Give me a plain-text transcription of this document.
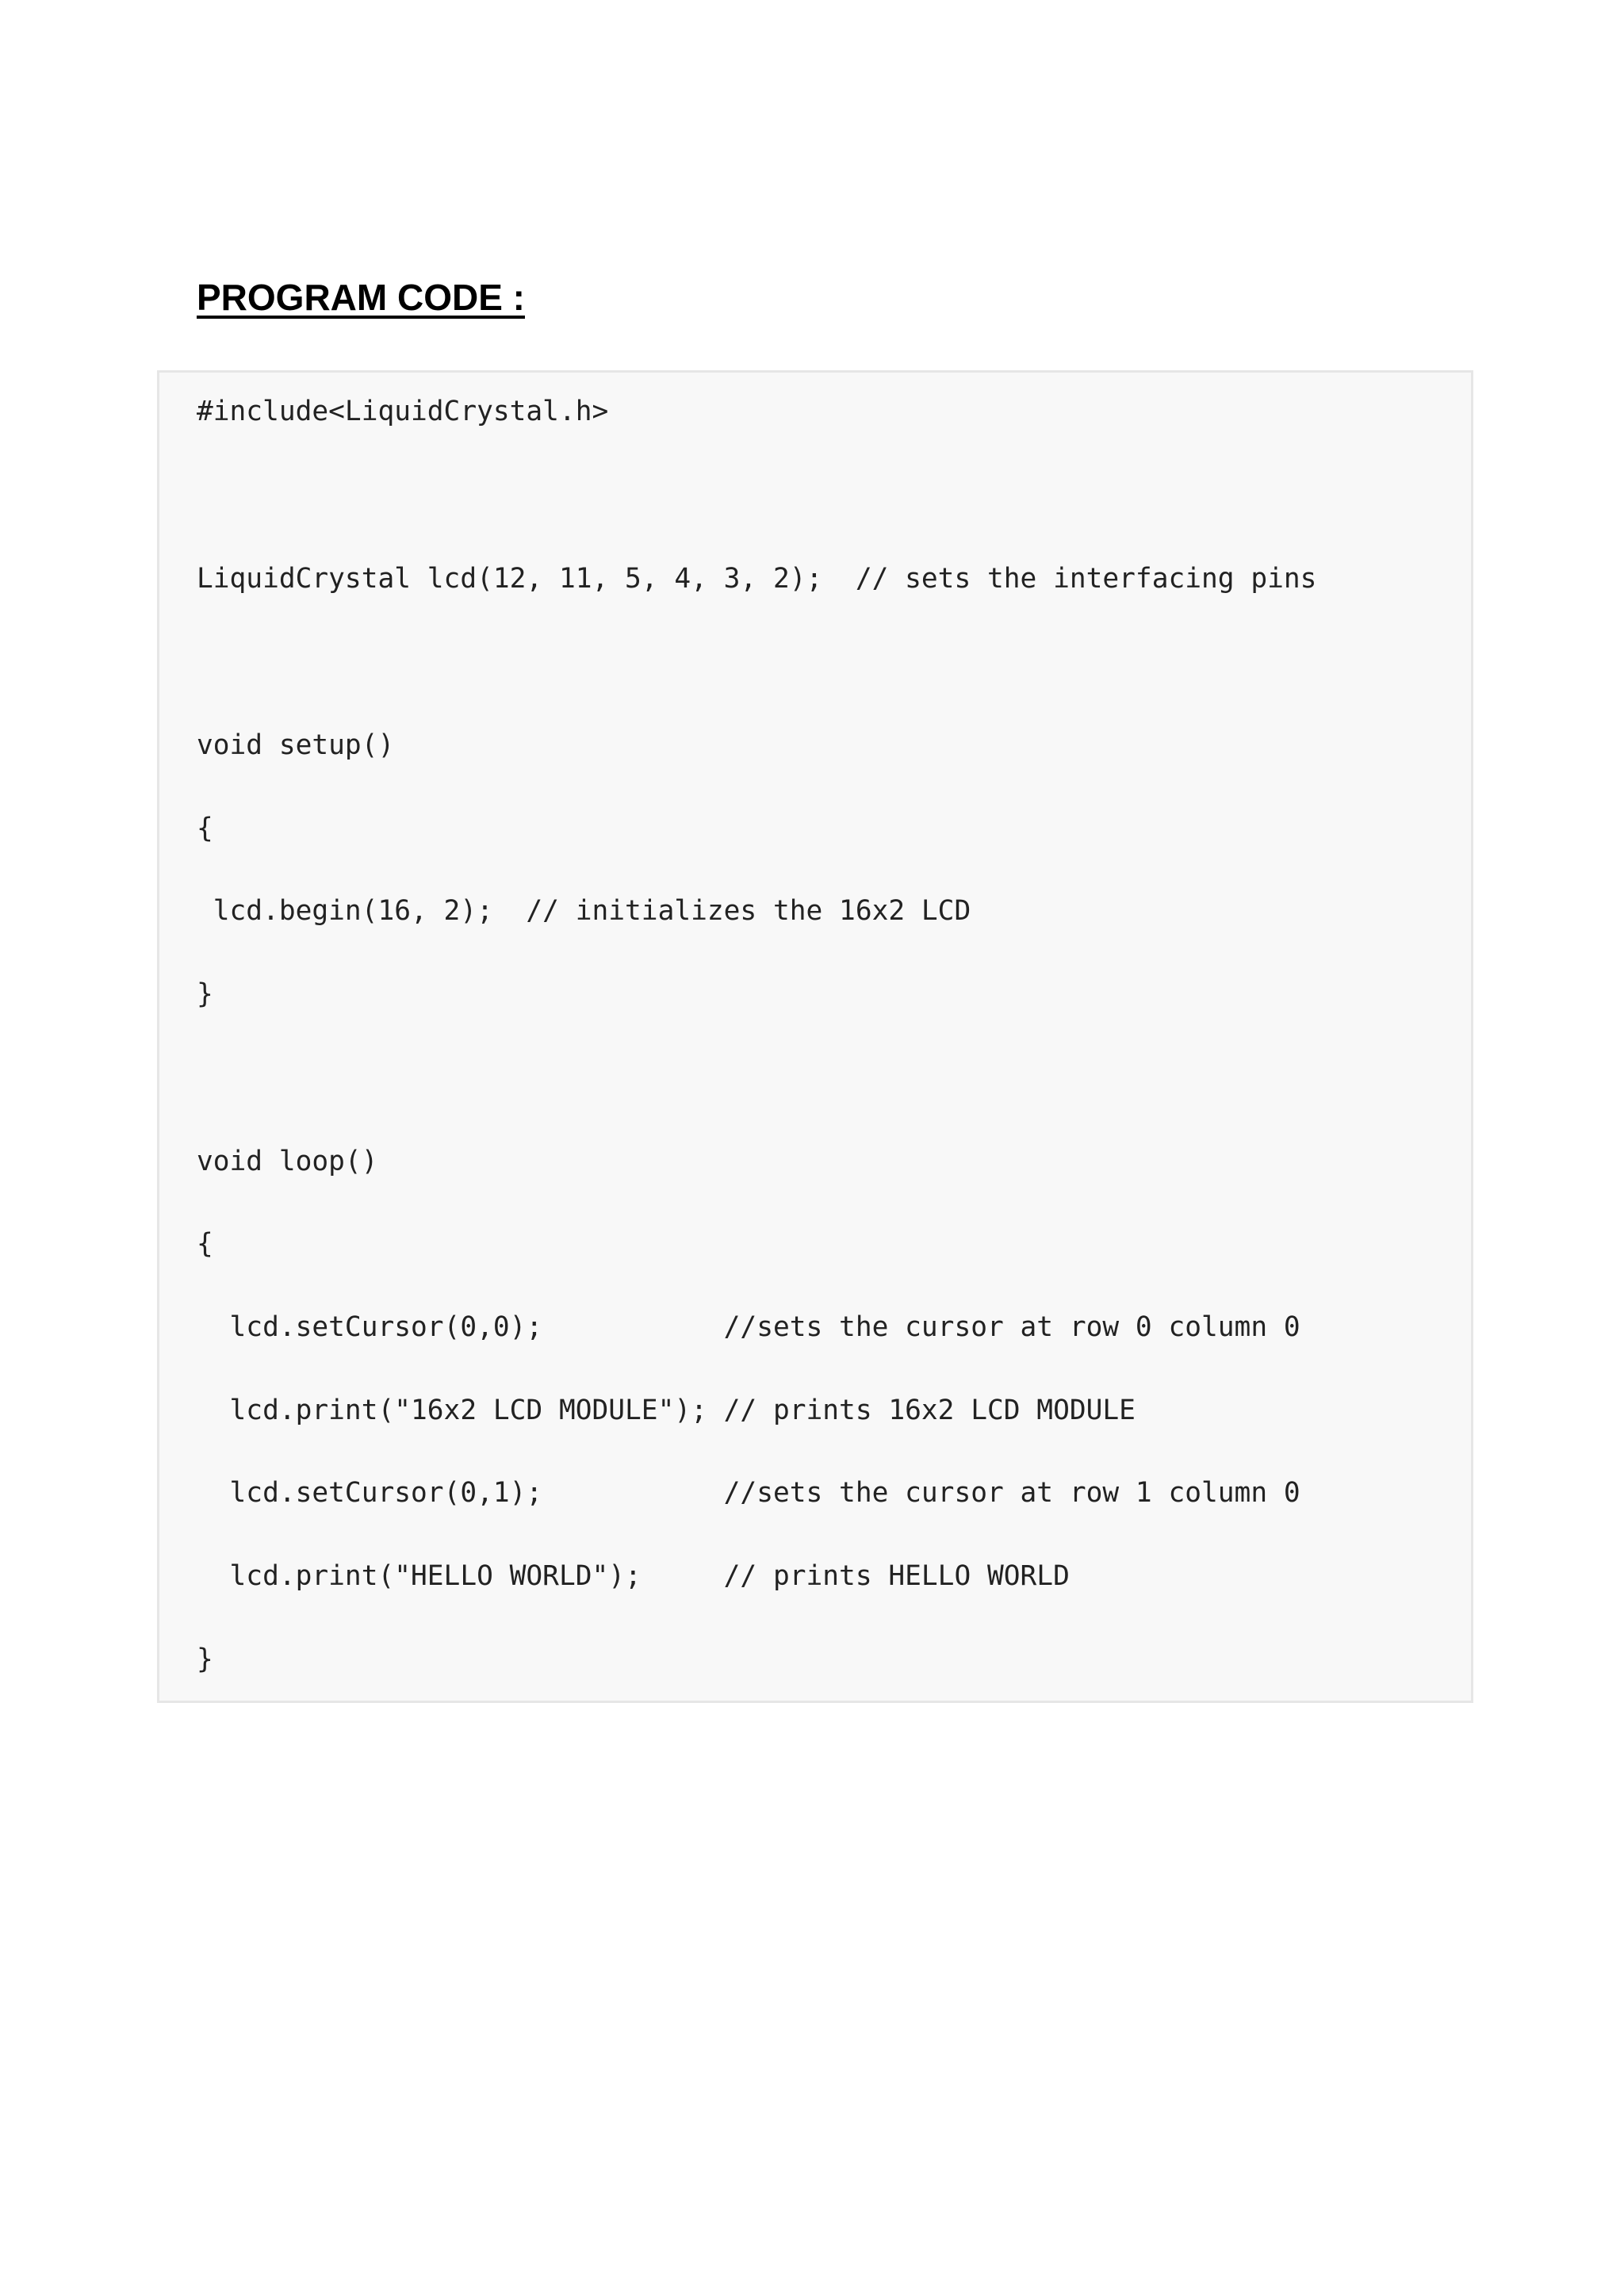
PROGRAM CODE :
#include<LiquidCrystal.h>
LiquidCrystal lcd(12, 11, 5, 4, 3, 2);  // sets the interfacing pins
void setup()
{
lcd.begin(16, 2);  // initializes the 16x2 LCD
}
void loop()
{
lcd.setCursor(0,0);           //sets the cursor at row 0 column 0
lcd.print("16x2 LCD MODULE"); // prints 16x2 LCD MODULE
lcd.setCursor(0,1);           //sets the cursor at row 1 column 0
lcd.print("HELLO WORLD");     // prints HELLO WORLD
}
